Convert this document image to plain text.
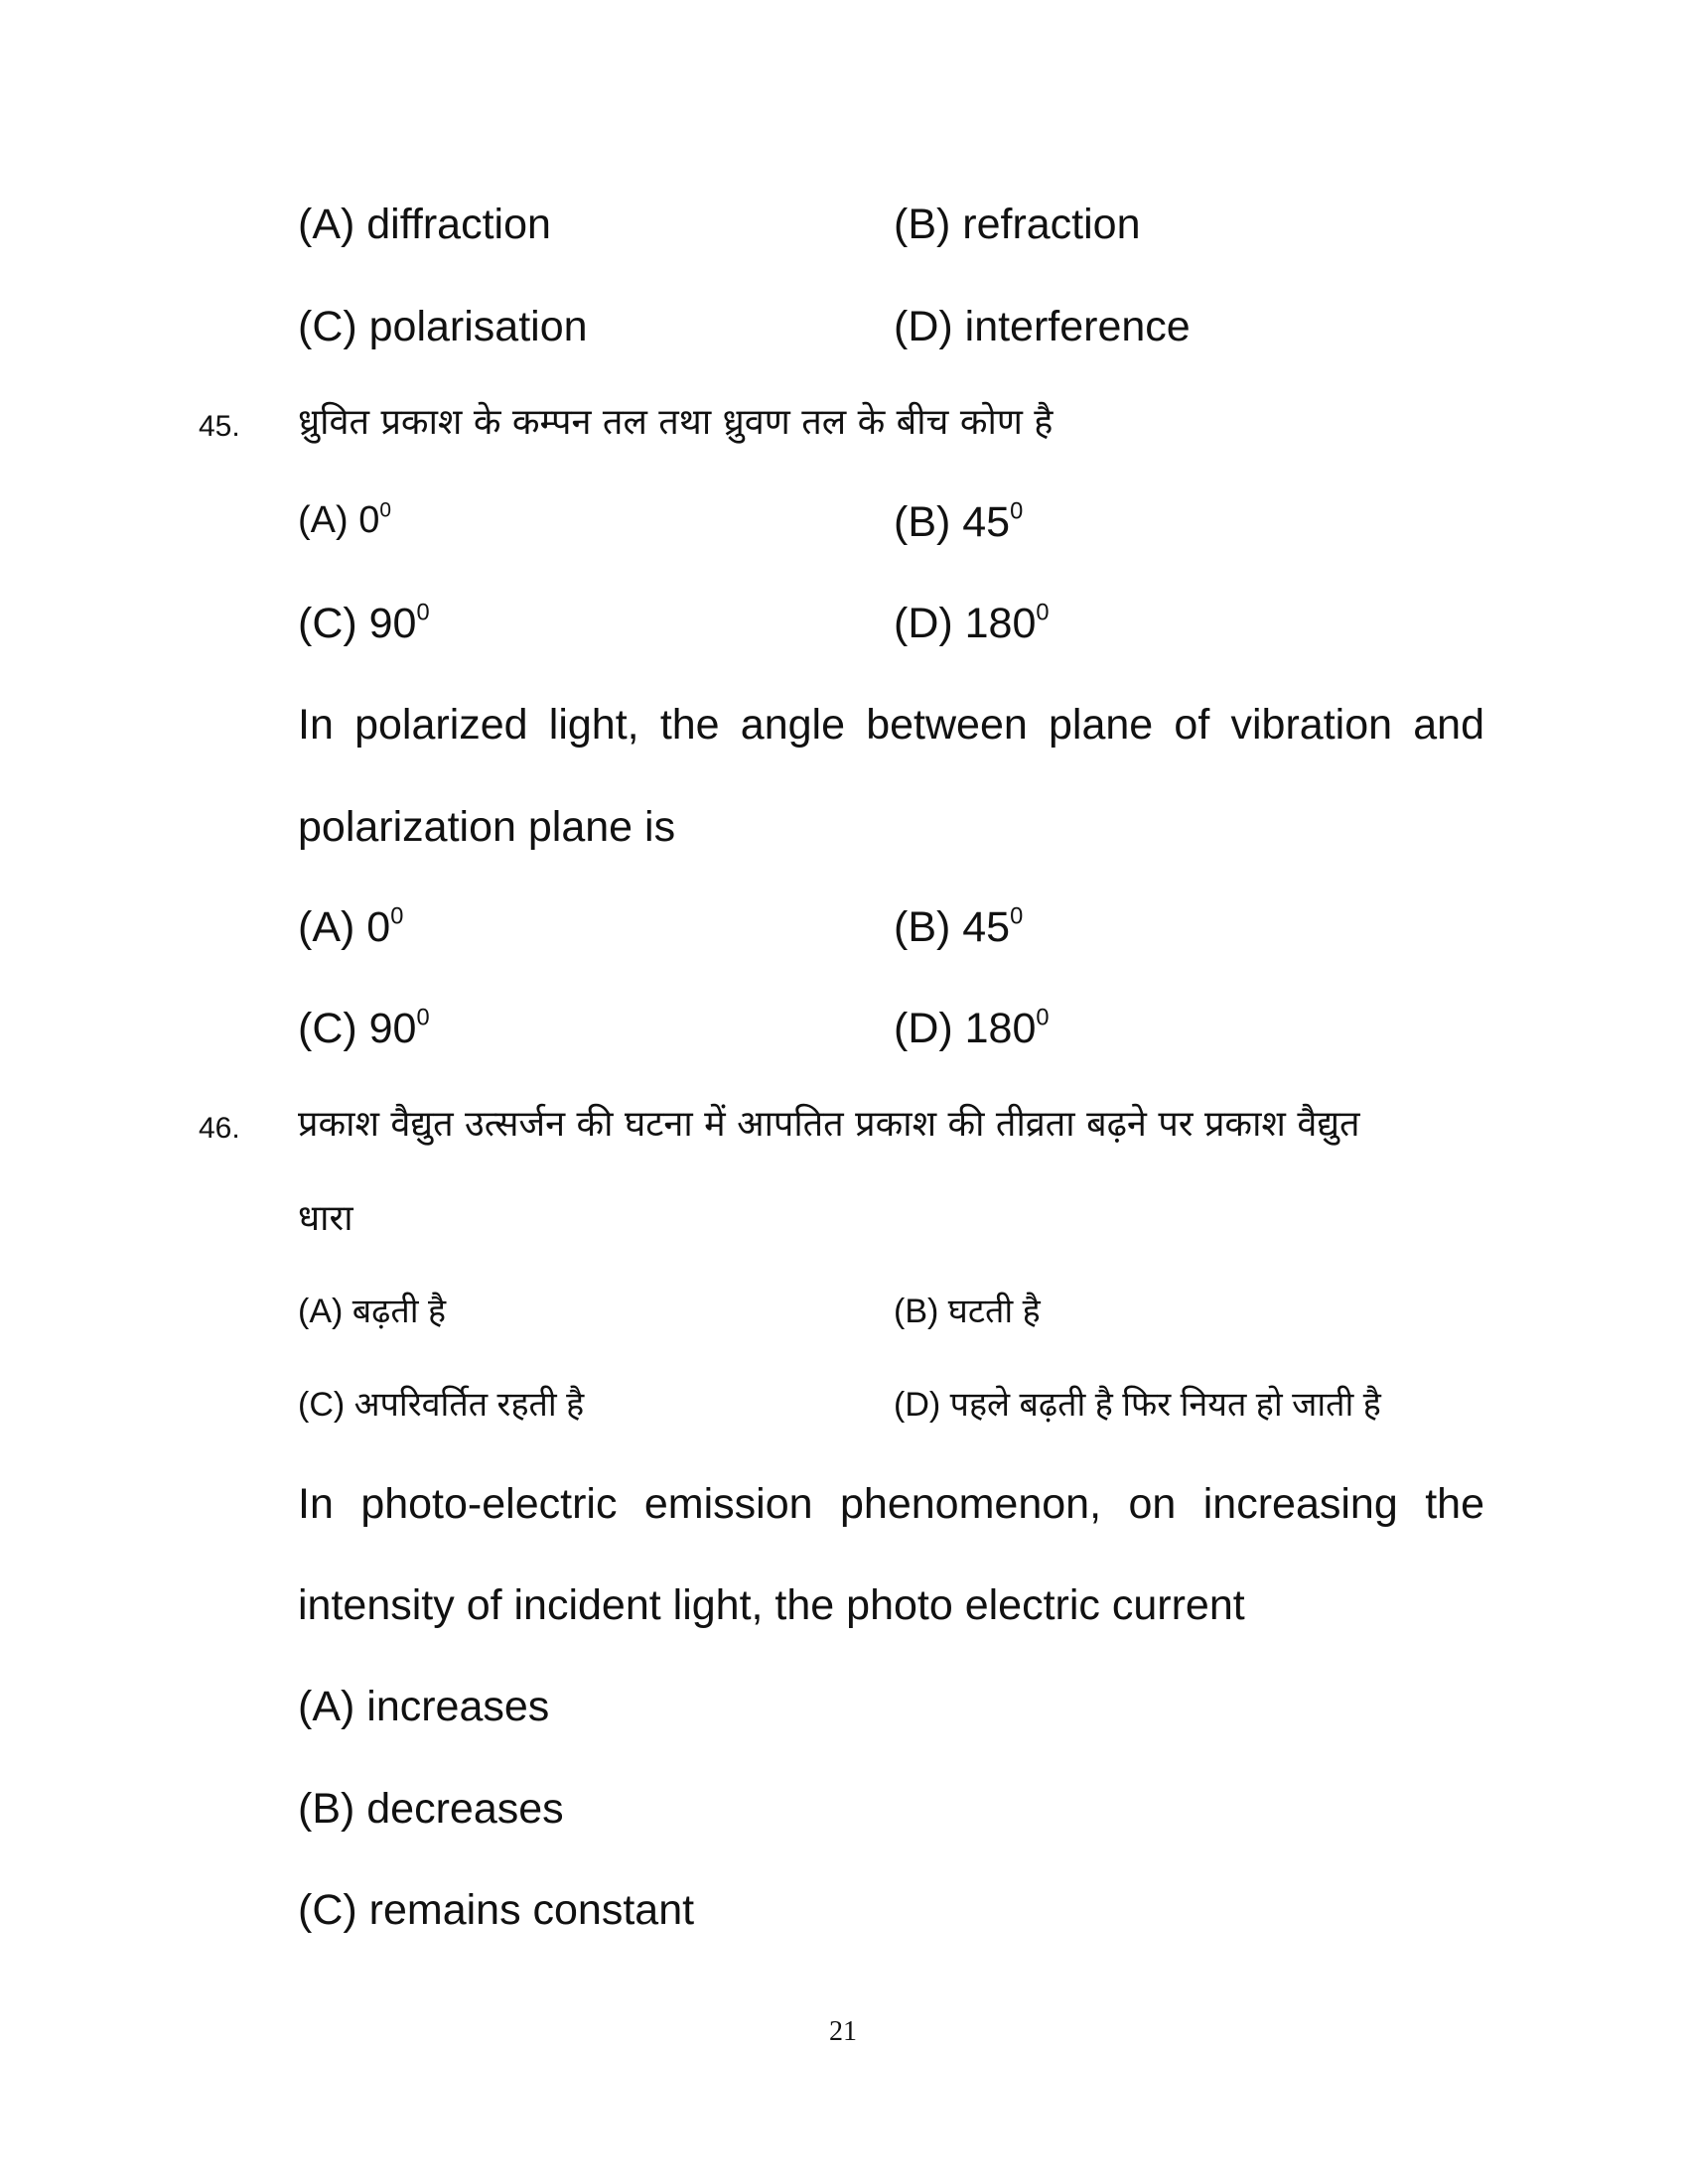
(A) diffraction	(B) refraction
(C) polarisation	(D) interference
45. ध्रुवित प्रकाश के कम्पन तल तथा ध्रुवण तल के बीच कोण है
(A) $0^0$	(B) $45^0$
(C) $90^0$	(D) $180^0$
In polarized light, the angle between plane of vibration and
polarization plane is
(A) $0^0$	(B) $45^0$
(C) $90^0$	(D) $180^0$
46. प्रकाश वैद्युत उत्सर्जन की घटना में आपतित प्रकाश की तीव्रता बढ़ने पर प्रकाश वैद्युत
धारा
(A) बढ़ती है	(B) घटती है
(C) अपरिवर्तित रहती है	(D) पहले बढ़ती है फिर नियत हो जाती है
In photo-electric emission phenomenon, on increasing the
intensity of incident light, the photo electric current
(A) increases
(B) decreases
(C) remains constant
21
